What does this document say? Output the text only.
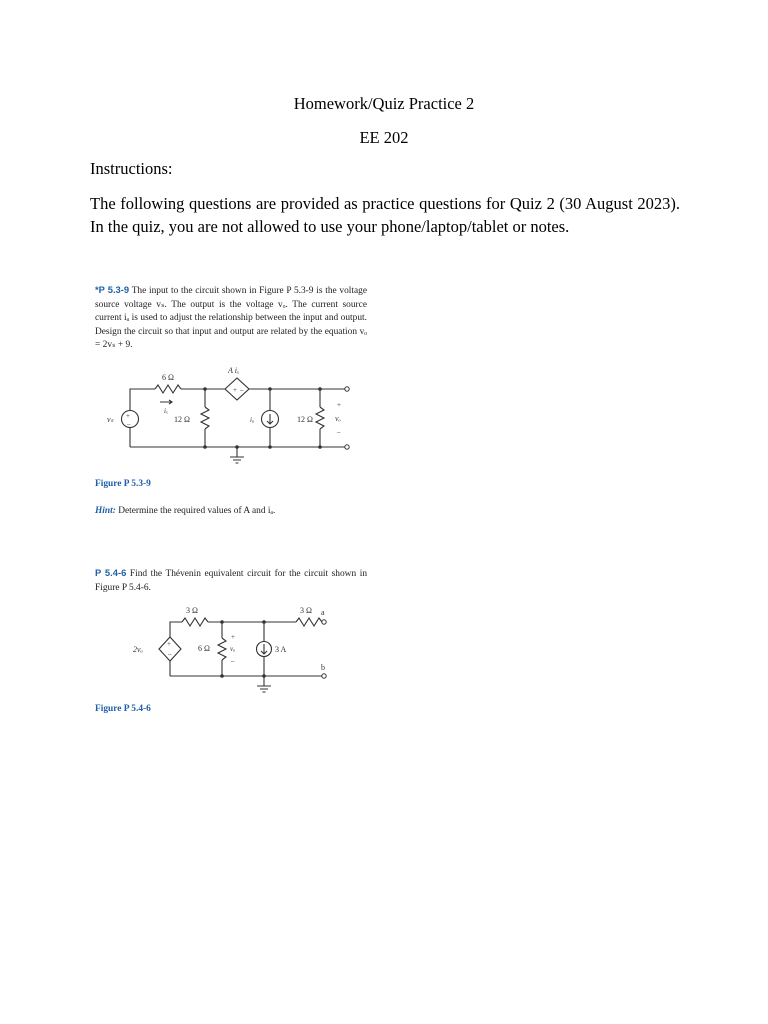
Homework/Quiz Practice 2
EE 202
Instructions:
The following questions are provided as practice questions for Quiz 2 (30 August 2023). In the quiz, you are not allowed to use your phone/laptop/tablet or notes.
*P 5.3-9 The input to the circuit shown in Figure P 5.3-9 is the voltage source voltage vₛ. The output is the voltage vₒ. The current source current iₐ is used to adjust the relationship between the input and output. Design the circuit so that input and output are related by the equation vₒ = 2vₛ + 9.
+
–
+ –
vₛ
6 Ω
iₓ
12 Ω
A iₓ
iₐ	12 Ω
+
vₒ
–
Figure P 5.3-9
Hint: Determine the required values of A and iₐ.
P 5.4-6 Find the Thévenin equivalent circuit for the circuit shown in Figure P 5.4-6.
+
–
2vₐ
3 Ω
6 Ω
+
vₐ
–
3 A
3 Ω a
b
Figure P 5.4-6
